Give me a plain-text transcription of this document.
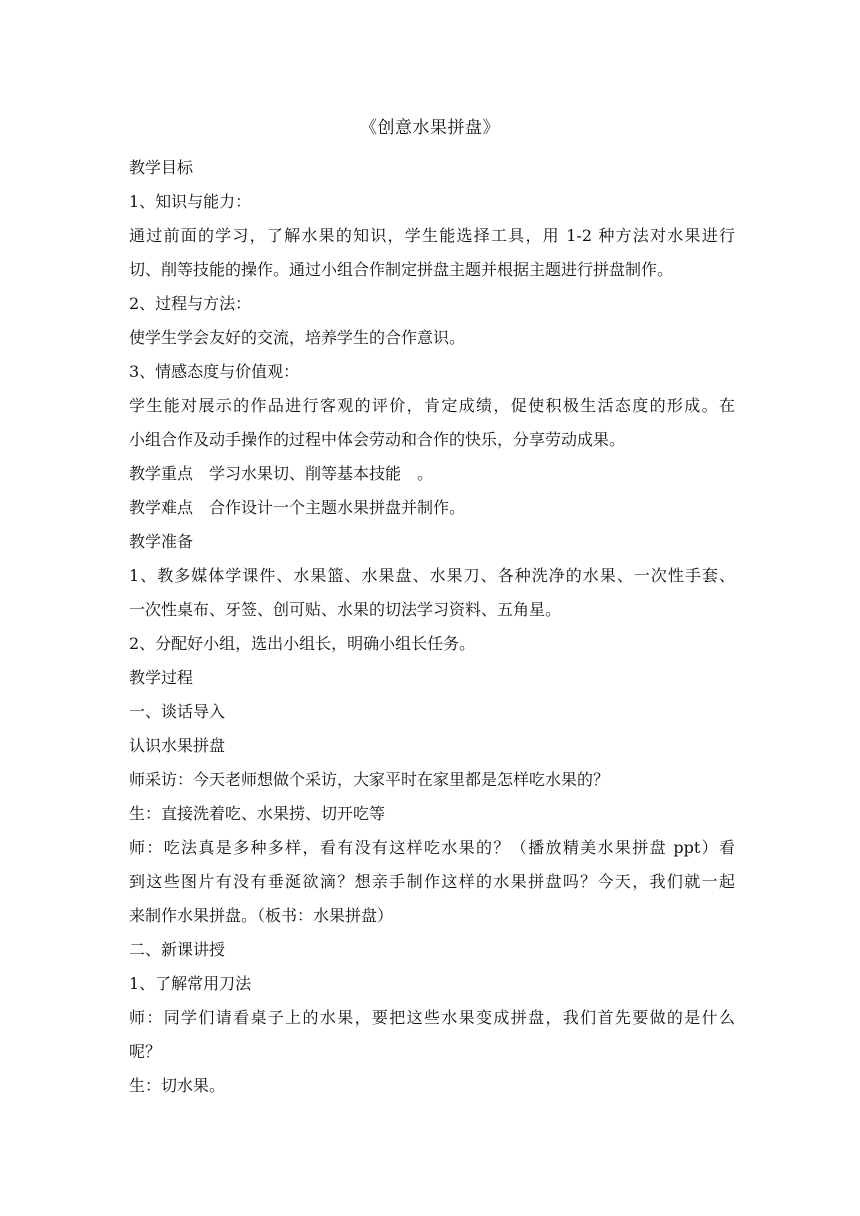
《创意水果拼盘》
教学目标
1、知识与能力：
通过前面的学习，了解水果的知识，学生能选择工具，用 1-2 种方法对水果进行
切、削等技能的操作。通过小组合作制定拼盘主题并根据主题进行拼盘制作。
2、过程与方法：
使学生学会友好的交流，培养学生的合作意识。
3、情感态度与价值观：
学生能对展示的作品进行客观的评价，肯定成绩，促使积极生活态度的形成。在
小组合作及动手操作的过程中体会劳动和合作的快乐，分享劳动成果。
教学重点　学习水果切、削等基本技能　。
教学难点　合作设计一个主题水果拼盘并制作。
教学准备
1、教多媒体学课件、水果篮、水果盘、水果刀、各种洗净的水果、一次性手套、
一次性桌布、牙签、创可贴、水果的切法学习资料、五角星。
2、分配好小组，选出小组长，明确小组长任务。
教学过程
一、谈话导入
认识水果拼盘
师采访：今天老师想做个采访，大家平时在家里都是怎样吃水果的？
生：直接洗着吃、水果捞、切开吃等
师：吃法真是多种多样，看有没有这样吃水果的？（播放精美水果拼盘 ppt）看
到这些图片有没有垂涎欲滴？想亲手制作这样的水果拼盘吗？今天，我们就一起
来制作水果拼盘。（板书：水果拼盘）
二、新课讲授
1、了解常用刀法
师：同学们请看桌子上的水果，要把这些水果变成拼盘，我们首先要做的是什么
呢？
生：切水果。
